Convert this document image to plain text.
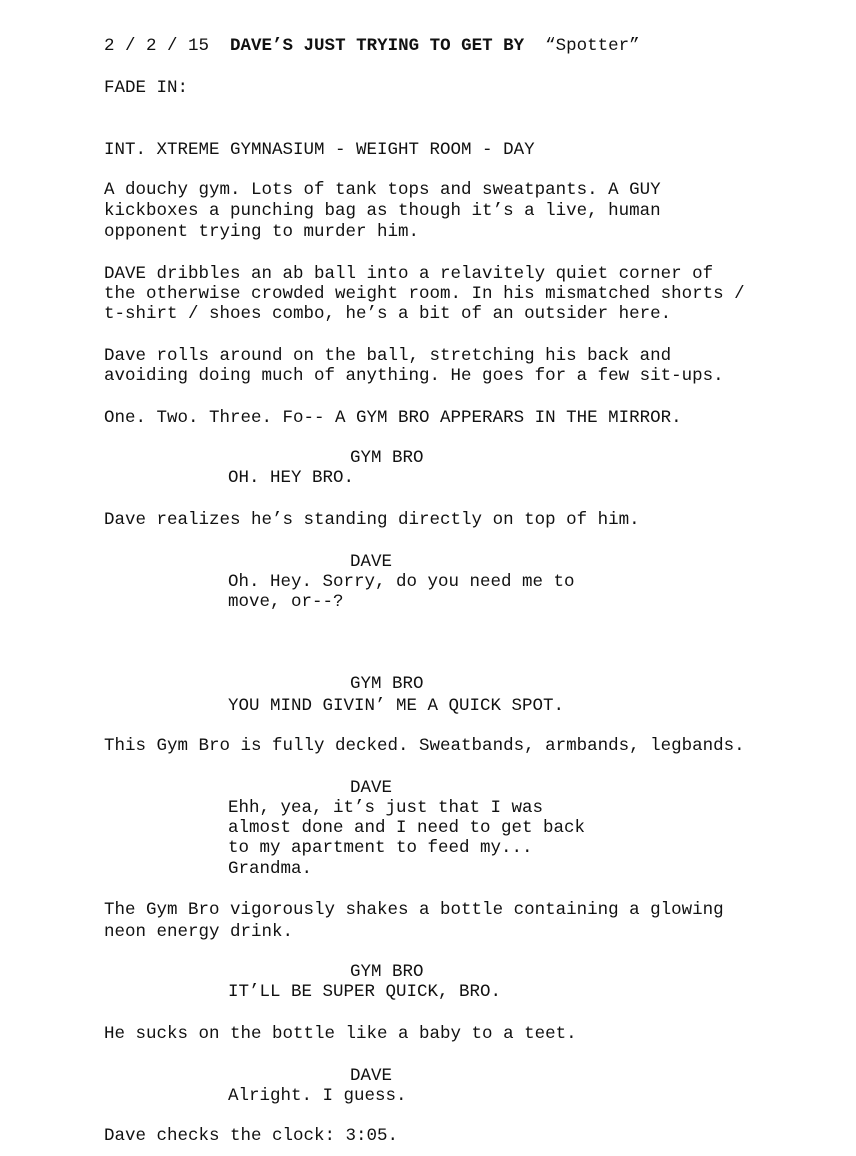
2 / 2 / 15 DAVE’S JUST TRYING TO GET BY “Spotter”
FADE IN:
INT. XTREME GYMNASIUM - WEIGHT ROOM - DAY
A douchy gym. Lots of tank tops and sweatpants. A GUY
kickboxes a punching bag as though it’s a live, human
opponent trying to murder him.
DAVE dribbles an ab ball into a relavitely quiet corner of
the otherwise crowded weight room. In his mismatched shorts /
t-shirt / shoes combo, he’s a bit of an outsider here.
Dave rolls around on the ball, stretching his back and
avoiding doing much of anything. He goes for a few sit-ups.
One. Two. Three. Fo-- A GYM BRO APPERARS IN THE MIRROR.
GYM BRO
OH. HEY BRO.
Dave realizes he’s standing directly on top of him.
DAVE
Oh. Hey. Sorry, do you need me to
move, or--?
GYM BRO
YOU MIND GIVIN’ ME A QUICK SPOT.
This Gym Bro is fully decked. Sweatbands, armbands, legbands.
DAVE
Ehh, yea, it’s just that I was
almost done and I need to get back
to my apartment to feed my...
Grandma.
The Gym Bro vigorously shakes a bottle containing a glowing
neon energy drink.
GYM BRO
IT’LL BE SUPER QUICK, BRO.
He sucks on the bottle like a baby to a teet.
DAVE
Alright. I guess.
Dave checks the clock: 3:05.
